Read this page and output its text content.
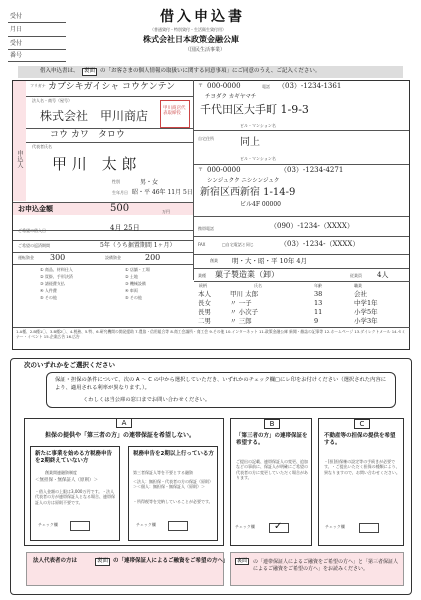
受付
月日
受付
番号
借入申込書
（普通貸付・特別貸付・生活衛生貸付用）
株式会社日本政策金融公庫
（国民生活事業）
借入申込書は、 裏面 の「お客さまの個人情報の取扱いに関する同意事項」にご同意のうえ、ご記入ください。
申込人
フリガナ カブシキガイシャ コウケンテン
法人名・商号（屋号）
株式会社　甲川商店
甲川商店代表取締役
コウ カワ　タロウ
代表者氏名
甲 川　太 郎
性別	男・女
生年月日 昭・平 46年 11月 5日
〒 000-0000	電話 （03）-1234-1361
チヨダク カギヤマチ
千代田区大手町 1-9-3
ビル・マンション名
自宅住所	同上
ビル・マンション名
〒 000-0000	（03）-1234-4271
シンジュクク ニシシンジュク
新宿区西新宿 1-14-9
ビル4F 00000
携帯電話	（090）-1234-（XXXX）
FAX	□自宅電話と同じ	（03）-1234-（XXXX）
創業 明・大・昭・平 10年 4月
業種 菓子製造業（卸）	従業員 4人
お申込金額	500	万円
ご希望の借入日	4月 25日
ご希望の返済期間	5年（うち据置期間 1ヶ月）
運転資金 300	設備資金	200
① 商品、材料仕入
② 買掛、手形決済
③ 諸経費支払
④ 人件費
⑤ その他
① 店舗・工場
② 土地
③ 機械設備
④ 車両
⑤ その他
続柄	氏名	年齢	職業
本人	甲川 太郎	38	会社
長女	〃 一子	13	中学1年
長男	〃 小次子	11	小学5年
二男	〃 三郎	9	小学3年
1.A種、2.B種1〇、3.B種2〇、4.税務、5.特、6.研究機関の開発援助 7.農協・信用組合等 8.商工会議所・商工会 9.その他 10.インターネット 11.政策金融公庫 新聞・雑誌の記事等 12.ホームページ 13.ダイレクトメール 14.セミナー・イベント 15.企業広告 16.広告
次のいずれかをご選択ください
保証・担保の条件について、次の A ～ C の中から選択していただき、いずれかのチェック欄□にレ印をお付けください（選択された内容により、適用される利率が異なります。）。
くわしくは当公庫の窓口までお問い合わせください。
A
担保の提供や「第三者の方」の連帯保証を希望しない。
新たに事業を始める方税務申告を2期終えていない方
創業関連融資制度
＜無担保・無保証人（原則）＞
・借入金額の上限は3,000万円です。・法人代表者の方が連帯保証人となる場合、連帯保証人の方は原則不要です。
税務申告を2期以上行っている方
第三者保証人等を不要とする融資
＜法人：無担保・代表者の方の保証（原則）＞＜個人：無担保・無保証人（原則）＞
・所得税等を完納していることが必要です。
チェック欄	チェック欄
B
「第三者の方」の連帯保証を希望する。
ご提出の記載、連帯保証人の変更、追加などの事前に、保証人が明確にご希望の代表者の方に変更していただく場合があります。
チェック欄 ✓
C
不動産等の担保の提供を希望する。
・[担]担保権の設定等の手続きが必要です。・ご提出いただく担保の種類により、異なりますので、お問い合わせください。
チェック欄
法人代表者の方は	裏面 の「連帯保証人によるご融資をご希望の方へ」	裏面	の「連帯保証人によるご融資をご希望の方へ」と「第三者保証人によるご融資をご希望の方へ」をお読みください。
